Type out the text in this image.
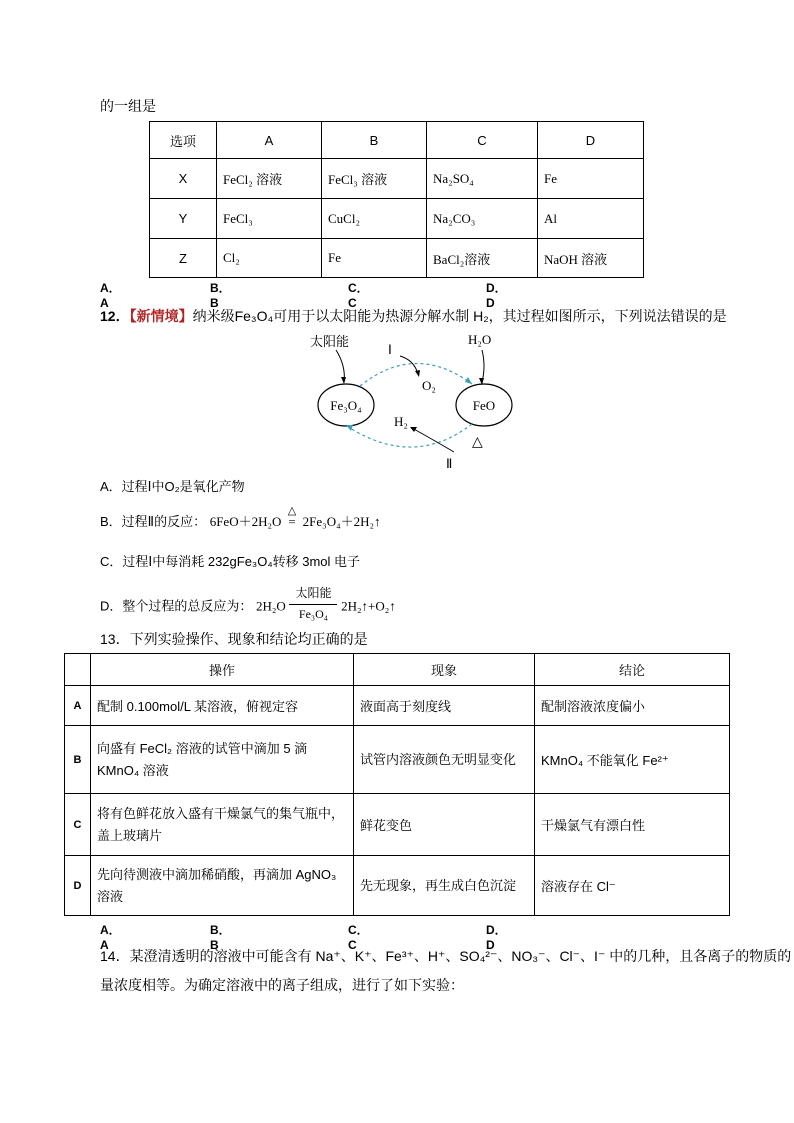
的一组是
选项	A	B	C	D
X	FeCl₂ 溶液	FeCl₃ 溶液	Na₂SO₄	Fe
Y	FeCl₃	CuCl₂	Na₂CO₃	Al
Z	Cl₂	Fe	BaCl₂溶液	NaOH 溶液
A．A
B．B
C．C
D．D
12．【新情境】纳米级Fe₃O₄可用于以太阳能为热源分解水制 H₂，其过程如图所示，下列说法错误的是
Fe₃O₄	FeO
太阳能
Ⅰ
O₂
H₂O
H₂
Ⅱ
△
A．过程Ⅰ中O₂是氧化产物
B．过程Ⅱ的反应： 6FeO＋2H₂O
△
= 2Fe₃O₄＋2H₂↑
C．过程Ⅰ中每消耗 232gFe₃O₄转移 3mol 电子
D．整个过程的总反应为： 2H₂O
太阳能
Fe₃O₄
2H₂↑+O₂↑
13．下列实验操作、现象和结论均正确的是
	操作	现象	结论
A	配制 0.100mol/L 某溶液，俯视定容	液面高于刻度线	配制溶液浓度偏小
B	向盛有 FeCl₂ 溶液的试管中滴加 5 滴 KMnO₄ 溶液	试管内溶液颜色无明显变化	KMnO₄ 不能氧化 Fe²⁺
C	将有色鲜花放入盛有干燥氯气的集气瓶中，盖上玻璃片	鲜花变色	干燥氯气有漂白性
D	先向待测液中滴加稀硝酸，再滴加 AgNO₃ 溶液	先无现象，再生成白色沉淀	溶液存在 Cl⁻
A．A
B．B
C．C
D．D
14．某澄清透明的溶液中可能含有 Na⁺、K⁺、Fe³⁺、H⁺、SO₄²⁻、NO₃⁻、Cl⁻、I⁻ 中的几种，且各离子的物质的
量浓度相等。为确定溶液中的离子组成，进行了如下实验：
